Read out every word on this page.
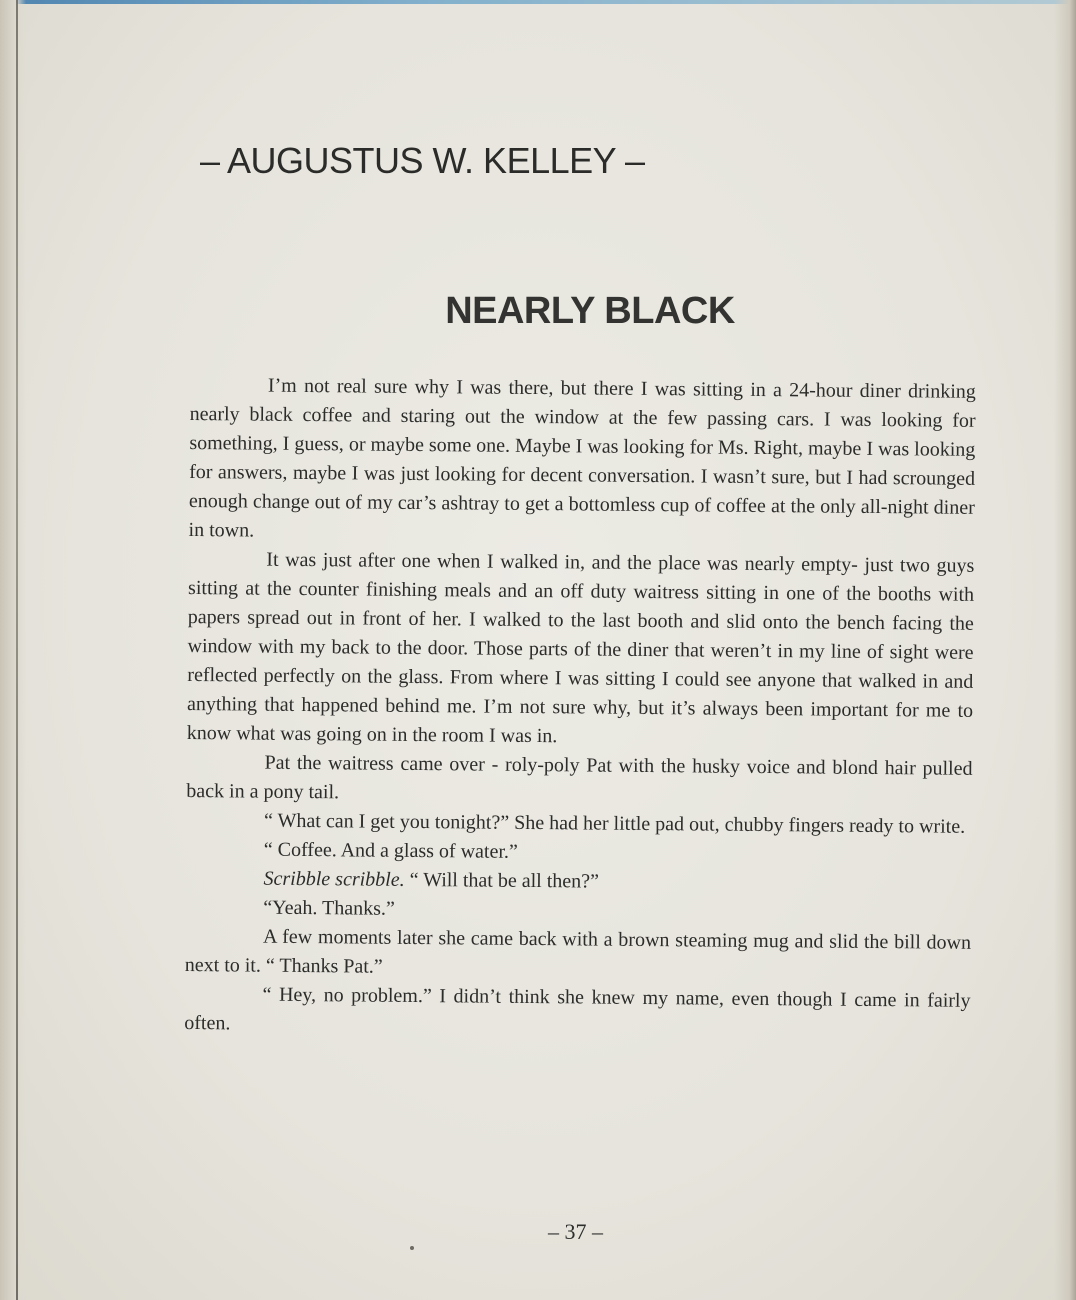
– AUGUSTUS W. KELLEY –
NEARLY BLACK

I’m not real sure why I was there, but there I was sitting in a 24-hour diner drinking nearly black coffee and staring out the window at the few passing cars. I was looking for something, I guess, or maybe some one. Maybe I was looking for Ms. Right, maybe I was looking for answers, maybe I was just looking for decent conversation. I wasn’t sure, but I had scrounged enough change out of my car’s ashtray to get a bottomless cup of coffee at the only all-night diner in town.

It was just after one when I walked in, and the place was nearly empty- just two guys sitting at the counter finishing meals and an off duty waitress sitting in one of the booths with papers spread out in front of her. I walked to the last booth and slid onto the bench facing the window with my back to the door. Those parts of the diner that weren’t in my line of sight were reflected perfectly on the glass. From where I was sitting I could see anyone that walked in and anything that happened behind me. I’m not sure why, but it’s always been important for me to know what was going on in the room I was in.

Pat the waitress came over - roly-poly Pat with the husky voice and blond hair pulled back in a pony tail.

“ What can I get you tonight?” She had her little pad out, chubby fingers ready to write.

“ Coffee. And a glass of water.”

Scribble scribble. “ Will that be all then?”

“Yeah. Thanks.”

A few moments later she came back with a brown steaming mug and slid the bill down next to it. “ Thanks Pat.”

“ Hey, no problem.” I didn’t think she knew my name, even though I came in fairly often.

– 37 –
